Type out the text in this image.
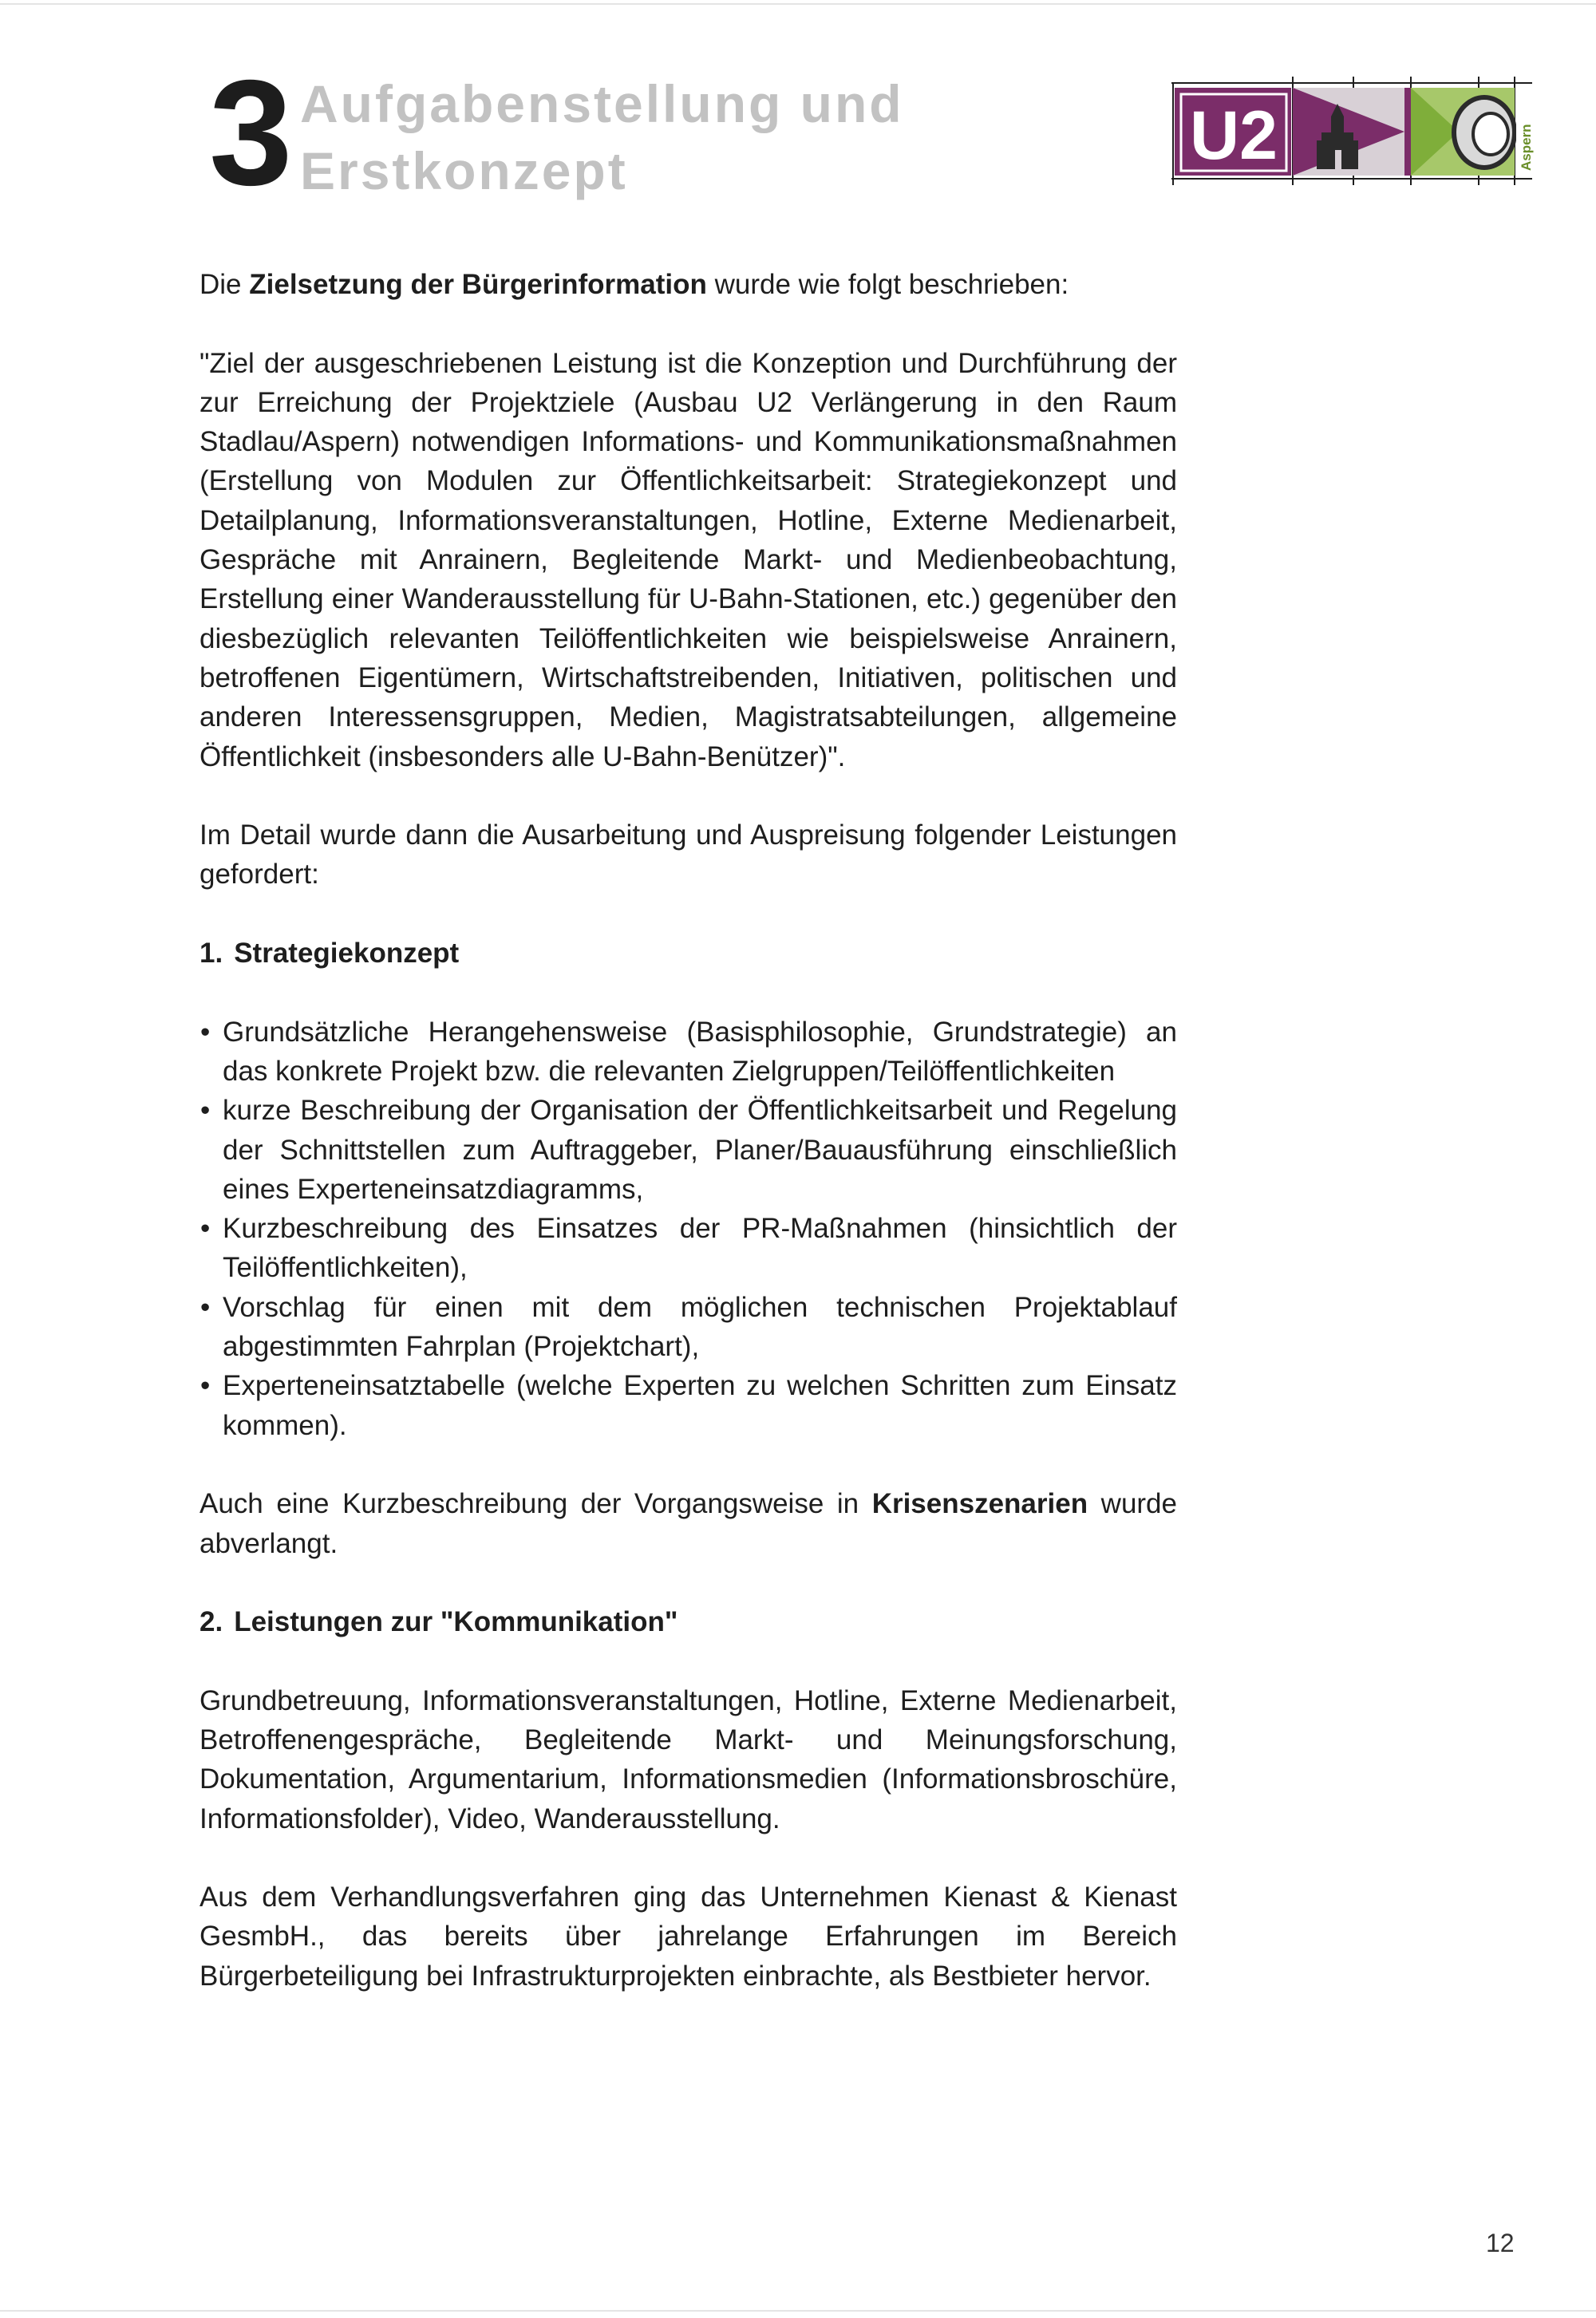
3 Aufgabenstellung und
Erstkonzept	U2	Aspern

Die Zielsetzung der Bürgerinformation wurde wie folgt beschrieben:

"Ziel der ausgeschriebenen Leistung ist die Konzeption und Durchführung der zur Erreichung der Projektziele (Ausbau U2 Verlängerung in den Raum Stadlau/Aspern) notwendigen Informations- und Kommunikationsmaßnahmen (Erstellung von Modulen zur Öffentlichkeitsarbeit: Strategiekonzept und Detailplanung, Informationsveranstaltungen, Hotline, Externe Medienarbeit, Gespräche mit Anrainern, Begleitende Markt- und Medienbeobachtung, Erstellung einer Wanderausstellung für U-Bahn-Stationen, etc.) gegenüber den diesbezüglich relevanten Teilöffentlichkeiten wie beispielsweise Anrainern, betroffenen Eigentümern, Wirtschaftstreibenden, Initiativen, politischen und anderen Interessensgruppen, Medien, Magistratsabteilungen, allgemeine Öffentlichkeit (insbesonders alle U-Bahn-Benützer)".

Im Detail wurde dann die Ausarbeitung und Auspreisung folgender Leistungen gefordert:

1. Strategiekonzept

• Grundsätzliche Herangehensweise (Basisphilosophie, Grundstrategie) an das konkrete Projekt bzw. die relevanten Zielgruppen/Teilöffentlichkeiten
• kurze Beschreibung der Organisation der Öffentlichkeitsarbeit und Regelung der Schnittstellen zum Auftraggeber, Planer/Bauausführung einschließlich eines Experteneinsatzdiagramms,
• Kurzbeschreibung des Einsatzes der PR-Maßnahmen (hinsichtlich der Teilöffentlichkeiten),
• Vorschlag für einen mit dem möglichen technischen Projektablauf abgestimmten Fahrplan (Projektchart),
• Experteneinsatztabelle (welche Experten zu welchen Schritten zum Einsatz kommen).

Auch eine Kurzbeschreibung der Vorgangsweise in Krisenszenarien wurde abverlangt.

2. Leistungen zur "Kommunikation"

Grundbetreuung, Informationsveranstaltungen, Hotline, Externe Medienarbeit, Betroffenengespräche, Begleitende Markt- und Meinungsforschung, Dokumentation, Argumentarium, Informationsmedien (Informationsbroschüre, Informationsfolder), Video, Wanderausstellung.

Aus dem Verhandlungsverfahren ging das Unternehmen Kienast & Kienast GesmbH., das bereits über jahrelange Erfahrungen im Bereich Bürgerbeteiligung bei Infrastrukturprojekten einbrachte, als Bestbieter hervor.

12
